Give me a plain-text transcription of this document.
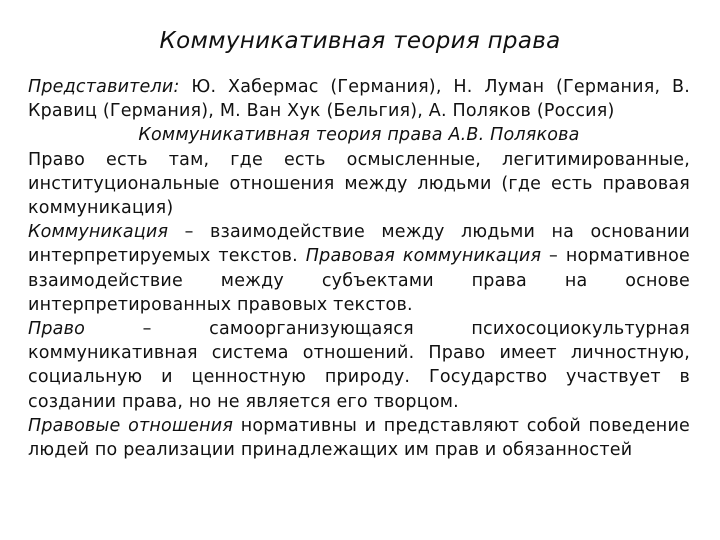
Коммуникативная теория права

Представители: Ю. Хабермас (Германия), Н. Луман (Германия, В. Кравиц (Германия), М. Ван Хук (Бельгия), А. Поляков (Россия)

Коммуникативная теория права А.В. Полякова

Право есть там, где есть осмысленные, легитимированные, институциональные отношения между людьми (где есть правовая коммуникация)

Коммуникация – взаимодействие между людьми на основании интерпретируемых текстов. Правовая коммуникация – нормативное взаимодействие между субъектами права на основе интерпретированных правовых текстов.

Право – самоорганизующаяся психосоциокультурная коммуникативная система отношений. Право имеет личностную, социальную и ценностную природу. Государство участвует в создании права, но не является его творцом.

Правовые отношения нормативны и представляют собой поведение людей по реализации принадлежащих им прав и обязанностей
